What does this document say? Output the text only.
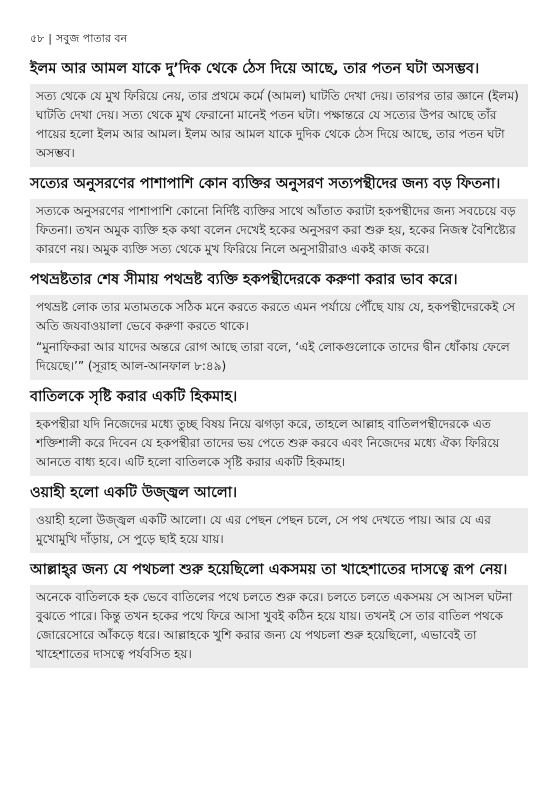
৫৮ | সবুজ পাতার বন

ইলম আর আমল যাকে দু’দিক থেকে ঠেস দিয়ে আছে, তার পতন ঘটা অসম্ভব।

সত্য থেকে যে মুখ ফিরিয়ে নেয়, তার প্রথমে কর্মে (আমল) ঘাটতি দেখা দেয়। তারপর তার জ্ঞানে (ইলম) ঘাটতি দেখা দেয়। সত্য থেকে মুখ ফেরানো মানেই পতন ঘটা। পক্ষান্তরে যে সত্যের উপর আছে তাঁর পায়ের হলো ইলম আর আমল। ইলম আর আমল যাকে দুদিক থেকে ঠেস দিয়ে আছে, তার পতন ঘটা অসম্ভব।

সত্যের অনুসরণের পাশাপাশি কোন ব্যক্তির অনুসরণ সত্যপন্থীদের জন্য বড় ফিতনা।

সত্যকে অনুসরণের পাশাপাশি কোনো নির্দিষ্ট ব্যক্তির সাথে আঁতাত করাটা হকপন্থীদের জন্য সবচেয়ে বড় ফিতনা। তখন অমুক ব্যক্তি হক কথা বলেন দেখেই হকের অনুসরণ করা শুরু হয়, হকের নিজস্ব বৈশিষ্ট্যের কারণে নয়। অমুক ব্যক্তি সত্য থেকে মুখ ফিরিয়ে নিলে অনুসারীরাও একই কাজ করে।

পথভ্রষ্টতার শেষ সীমায় পথভ্রষ্ট ব্যক্তি হকপন্থীদেরকে করুণা করার ভাব করে।

পথভ্রষ্ট লোক তার মতামতকে সঠিক মনে করতে করতে এমন পর্যায়ে পৌঁছে যায় যে, হকপন্থীদেরকেই সে অতি জযবাওয়ালা ভেবে করুণা করতে থাকে।

“মুনাফিকরা আর যাদের অন্তরে রোগ আছে তারা বলে, ‘এই লোকগুলোকে তাদের দ্বীন ধোঁকায় ফেলে দিয়েছে।’” (সূরাহ আল-আনফাল ৮:৪৯)

বাতিলকে সৃষ্টি করার একটি হিকমাহ।

হকপন্থীরা যদি নিজেদের মধ্যে তুচ্ছ বিষয় নিয়ে ঝগড়া করে, তাহলে আল্লাহ বাতিলপন্থীদেরকে এত শক্তিশালী করে দিবেন যে হকপন্থীরা তাদের ভয় পেতে শুরু করবে এবং নিজেদের মধ্যে ঐক্য ফিরিয়ে আনতে বাধ্য হবে। এটি হলো বাতিলকে সৃষ্টি করার একটি হিকমাহ।

ওয়াহী হলো একটি উজ্জ্বল আলো।

ওয়াহী হলো উজ্জ্বল একটি আলো। যে এর পেছন পেছন চলে, সে পথ দেখতে পায়। আর যে এর মুখোমুখি দাঁড়ায়, সে পুড়ে ছাই হয়ে যায়।

আল্লাহ্‌র জন্য যে পথচলা শুরু হয়েছিলো একসময় তা খাহেশাতের দাসত্বে রূপ নেয়।

অনেকে বাতিলকে হক ভেবে বাতিলের পথে চলতে শুরু করে। চলতে চলতে একসময় সে আসল ঘটনা বুঝতে পারে। কিন্তু তখন হকের পথে ফিরে আসা খুবই কঠিন হয়ে যায়। তখনই সে তার বাতিল পথকে জোরেসোরে আঁকড়ে ধরে। আল্লাহকে খুশি করার জন্য যে পথচলা শুরু হয়েছিলো, এভাবেই তা খাহেশাতের দাসত্বে পর্যবসিত হয়।
